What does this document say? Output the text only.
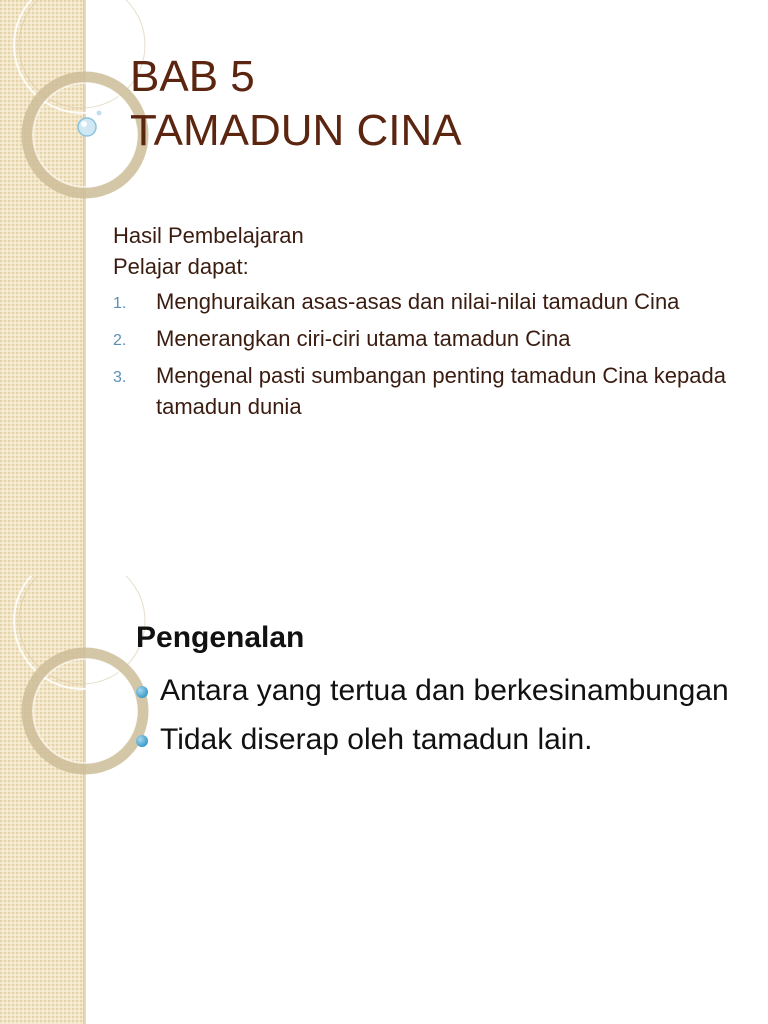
BAB 5
TAMADUN CINA

Hasil Pembelajaran

Pelajar dapat:

1. Menghuraikan asas-asas dan nilai-nilai tamadun Cina
2. Menerangkan ciri-ciri utama tamadun Cina
3. Mengenal pasti sumbangan penting tamadun Cina kepada tamadun dunia

Pengenalan

Antara yang tertua dan berkesinambungan
Tidak diserap oleh tamadun lain.
